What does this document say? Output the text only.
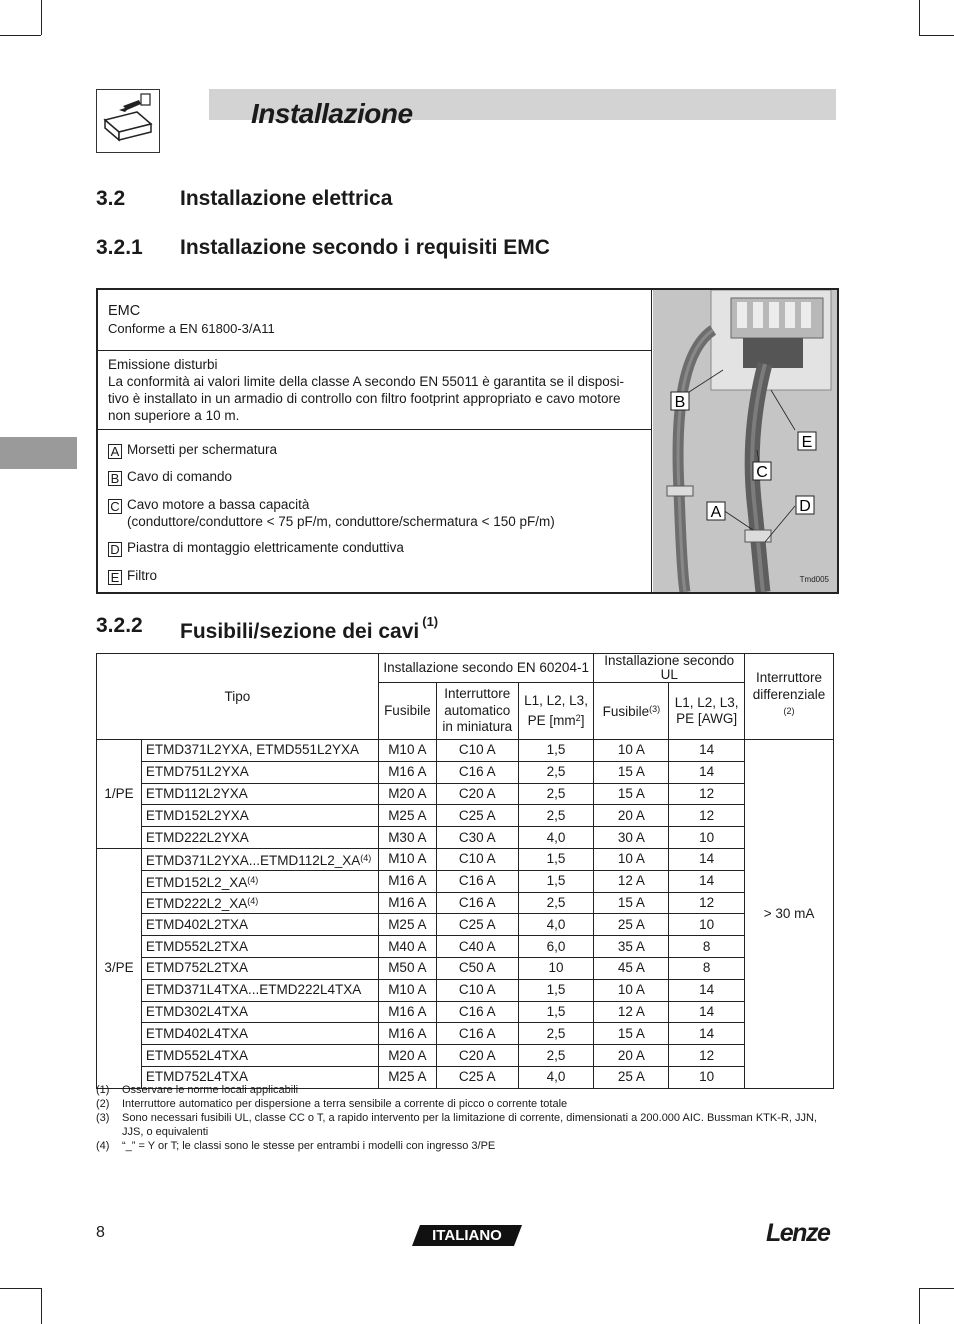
Installazione
3.2	Installazione elettrica
3.2.1 Installazione secondo i requisiti EMC
EMC
Conforme a EN 61800-3/A11
Emissione disturbi
La conformità ai valori limite della classe A secondo EN 55011 è garantita se il disposi- tivo è installato in un armadio di controllo con filtro footprint appropriato e cavo motore non superiore a 10 m.
A Morsetti per schermatura
B Cavo di comando
C Cavo motore a bassa capacità
(conduttore/conduttore < 75 pF/m, conduttore/schermatura < 150 pF/m)
D Piastra di montaggio elettricamente conduttiva
E Filtro
B
E
C
A	D
Tmd005
3.2.2 Fusibili/sezione dei cavi $^{(1)}$
Tipo		Installazione secondo EN 60204-1			Installazione secondo UL		Interruttore differenziale $^{(2)}$
		Fusibile	Interruttore automatico in miniatura	L1, L2, L3, PE $[mm^2]$	Fusibile$^{(3)}$	L1, L2, L3, PE [AWG]	
1/PE	ETMD371L2YXA, ETMD551L2YXA	M10 A	C10 A	1,5	10 A	14	> 30 mA
	ETMD751L2YXA	M16 A	C16 A	2,5	15 A	14	
	ETMD112L2YXA	M20 A	C20 A	2,5	15 A	12	
	ETMD152L2YXA	M25 A	C25 A	2,5	20 A	12	
	ETMD222L2YXA	M30 A	C30 A	4,0	30 A	10	
3/PE	ETMD371L2YXA...ETMD112L2_XA$^{(4)}$	M10 A	C10 A	1,5	10 A	14	
	ETMD152L2_XA$^{(4)}$	M16 A	C16 A	1,5	12 A	14	
	ETMD222L2_XA$^{(4)}$	M16 A	C16 A	2,5	15 A	12	
	ETMD402L2TXA	M25 A	C25 A	4,0	25 A	10	
	ETMD552L2TXA	M40 A	C40 A	6,0	35 A	8	
	ETMD752L2TXA	M50 A	C50 A	10	45 A	8	
	ETMD371L4TXA...ETMD222L4TXA	M10 A	C10 A	1,5	10 A	14	
	ETMD302L4TXA	M16 A	C16 A	1,5	12 A	14	
	ETMD402L4TXA	M16 A	C16 A	2,5	15 A	14	
	ETMD552L4TXA	M20 A	C20 A	2,5	20 A	12	
	ETMD752L4TXA	M25 A	C25 A	4,0	25 A	10	
(1)	Osservare le norme locali applicabili
(2)	Interruttore automatico per dispersione a terra sensibile a corrente di picco o corrente totale
(3)	Sono necessari fusibili UL, classe CC o T, a rapido intervento per la limitazione di corrente, dimensionati a 200.000 AIC. Bussman KTK-R, JJN, JJS, o equivalenti
(4)	“_” = Y or T; le classi sono le stesse per entrambi i modelli con ingresso 3/PE
8	ITALIANO	Lenze
